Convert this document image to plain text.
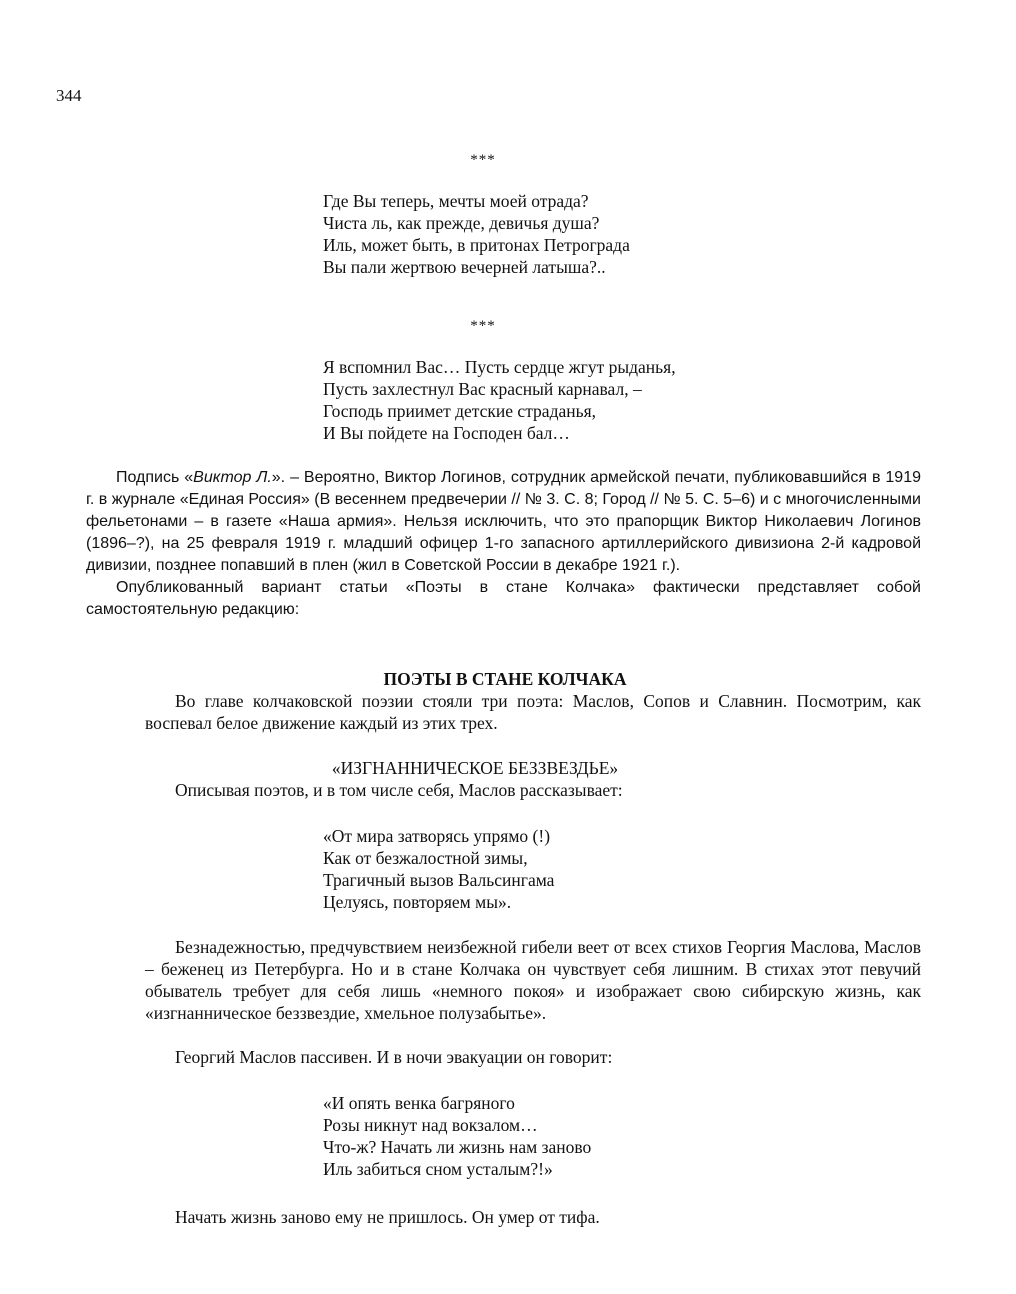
344
***
Где Вы теперь, мечты моей отрада?
Чиста ль, как прежде, девичья душа?
Иль, может быть, в притонах Петрограда
Вы пали жертвою вечерней латыша?..
***
Я вспомнил Вас… Пусть сердце жгут рыданья,
Пусть захлестнул Вас красный карнавал, –
Господь приимет детские страданья,
И Вы пойдете на Господен бал…

Подпись «Виктор Л.». – Вероятно, Виктор Логинов, сотрудник армейской печати, публиковавшийся в 1919 г. в журнале «Единая Россия» (В весеннем предвечерии // № 3. С. 8; Город // № 5. С. 5–6) и с многочисленными фельетонами – в газете «Наша армия». Нельзя исключить, что это прапорщик Виктор Николаевич Логинов (1896–?), на 25 февраля 1919 г. младший офицер 1-го запасного артиллерийского дивизиона 2-й кадровой дивизии, позднее попавший в плен (жил в Советской России в декабре 1921 г.).

Опубликованный вариант статьи «Поэты в стане Колчака» фактически представляет собой самостоятельную редакцию:

ПОЭТЫ В СТАНЕ КОЛЧАКА
Во главе колчаковской поэзии стояли три поэта: Маслов, Сопов и Славнин. Посмотрим, как воспевал белое движение каждый из этих трех.
«ИЗГНАННИЧЕСКОЕ БЕЗЗВЕЗДЬЕ»
Описывая поэтов, и в том числе себя, Маслов рассказывает:
«От мира затворясь упрямо (!)
Как от безжалостной зимы,
Трагичный вызов Вальсингама
Целуясь, повторяем мы».
Безнадежностью, предчувствием неизбежной гибели веет от всех стихов Георгия Маслова, Маслов – беженец из Петербурга. Но и в стане Колчака он чувствует себя лишним. В стихах этот певучий обыватель требует для себя лишь «немного покоя» и изображает свою сибирскую жизнь, как «изгнанническое беззвездие, хмельное полузабытье».
Георгий Маслов пассивен. И в ночи эвакуации он говорит:
«И опять венка багряного
Розы никнут над вокзалом…
Что-ж? Начать ли жизнь нам заново
Иль забиться сном усталым?!»
Начать жизнь заново ему не пришлось. Он умер от тифа.
